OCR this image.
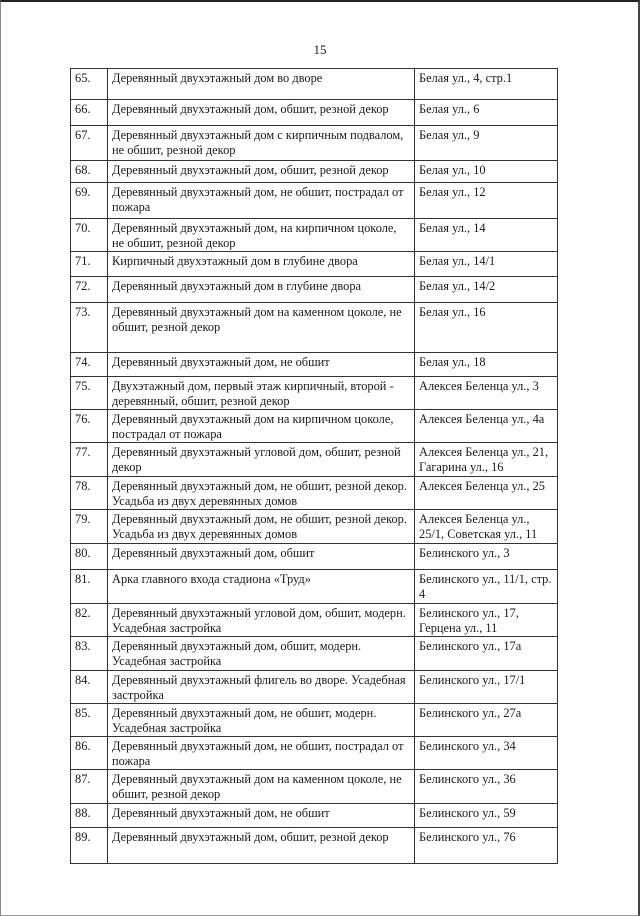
15
65.	Деревянный двухэтажный дом во дворе	Белая ул., 4, стр.1
66.	Деревянный двухэтажный дом, обшит, резной декор	Белая ул., 6
67.	Деревянный двухэтажный дом с кирпичным подвалом, не обшит, резной декор	Белая ул., 9
68.	Деревянный двухэтажный дом, обшит, резной декор	Белая ул., 10
69.	Деревянный двухэтажный дом, не обшит, пострадал от пожара	Белая ул., 12
70.	Деревянный двухэтажный дом, на кирпичном цоколе, не обшит, резной декор	Белая ул., 14
71.	Кирпичный двухэтажный дом в глубине двора	Белая ул., 14/1
72.	Деревянный двухэтажный дом в глубине двора	Белая ул., 14/2
73.	Деревянный двухэтажный дом на каменном цоколе, не обшит, резной декор	Белая ул., 16
74.	Деревянный двухэтажный дом, не обшит	Белая ул., 18
75.	Двухэтажный дом, первый этаж кирпичный, второй - деревянный, обшит, резной декор	Алексея Беленца ул., 3
76.	Деревянный двухэтажный дом на кирпичном цоколе, пострадал от пожара	Алексея Беленца ул., 4а
77.	Деревянный двухэтажный угловой дом, обшит, резной декор	Алексея Беленца ул., 21, Гагарина ул., 16
78.	Деревянный двухэтажный дом, не обшит, резной декор. Усадьба из двух деревянных домов	Алексея Беленца ул., 25
79.	Деревянный двухэтажный дом, не обшит, резной декор. Усадьба из двух деревянных домов	Алексея Беленца ул., 25/1, Советская ул., 11
80.	Деревянный двухэтажный дом, обшит	Белинского ул., 3
81.	Арка главного входа стадиона «Труд»	Белинского ул., 11/1, стр. 4
82.	Деревянный двухэтажный угловой дом, обшит, модерн. Усадебная застройка	Белинского ул., 17, Герцена ул., 11
83.	Деревянный двухэтажный дом, обшит, модерн. Усадебная застройка	Белинского ул., 17а
84.	Деревянный двухэтажный флигель во дворе. Усадебная застройка	Белинского ул., 17/1
85.	Деревянный двухэтажный дом, не обшит, модерн. Усадебная застройка	Белинского ул., 27а
86.	Деревянный двухэтажный дом, не обшит, пострадал от пожара	Белинского ул., 34
87.	Деревянный двухэтажный дом на каменном цоколе, не обшит, резной декор	Белинского ул., 36
88.	Деревянный двухэтажный дом, не обшит	Белинского ул., 59
89.	Деревянный двухэтажный дом, обшит, резной декор	Белинского ул., 76
